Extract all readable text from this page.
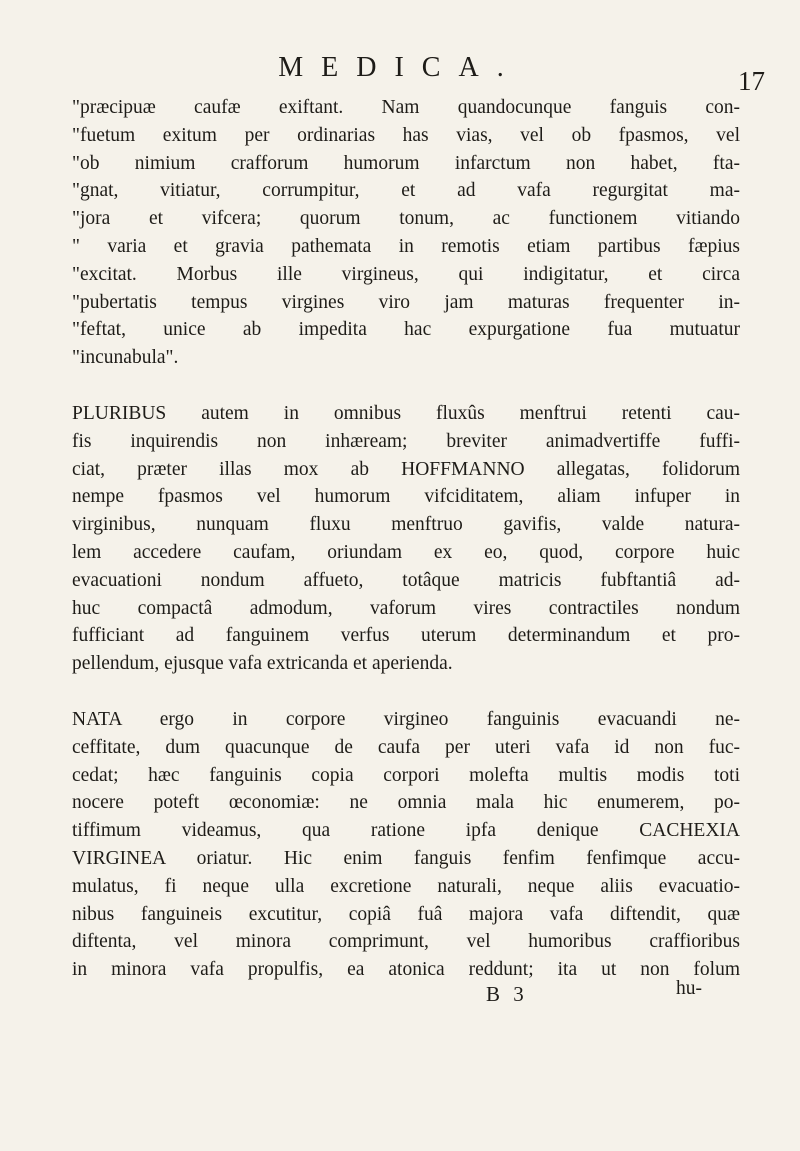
MEDICA.	17
"præcipuæ caufæ exiftant. Nam quandocunque fanguis con-
"fuetum exitum per ordinarias has vias, vel ob fpasmos, vel
"ob nimium crafforum humorum infarctum non habet, fta-
"gnat, vitiatur, corrumpitur, et ad vafa regurgitat ma-
"jora et vifcera; quorum tonum, ac functionem vitiando
" varia et gravia pathemata in remotis etiam partibus fæpius
"excitat. Morbus ille virgineus, qui indigitatur, et circa
"pubertatis tempus virgines viro jam maturas frequenter in-
"feftat, unice ab impedita hac expurgatione fua mutuatur
"incunabula".
PLURIBUS autem in omnibus fluxûs menftrui retenti cau-
fis inquirendis non inhæream; breviter animadvertiffe fuffi-
ciat, præter illas mox ab HOFFMANNO allegatas, folidorum
nempe fpasmos vel humorum vifciditatem, aliam infuper in
virginibus, nunquam fluxu menftruo gavifis, valde natura-
lem accedere caufam, oriundam ex eo, quod, corpore huic
evacuationi nondum affueto, totâque matricis fubftantiâ ad-
huc compactâ admodum, vaforum vires contractiles nondum
fufficiant ad fanguinem verfus uterum determinandum et pro-
pellendum, ejusque vafa extricanda et aperienda.
NATA ergo in corpore virgineo fanguinis evacuandi ne-
ceffitate, dum quacunque de caufa per uteri vafa id non fuc-
cedat; hæc fanguinis copia corpori molefta multis modis toti
nocere poteft œconomiæ: ne omnia mala hic enumerem, po-
tiffimum videamus, qua ratione ipfa denique CACHEXIA
VIRGINEA oriatur. Hic enim fanguis fenfim fenfimque accu-
mulatus, fi neque ulla excretione naturali, neque aliis evacuatio-
nibus fanguineis excutitur, copiâ fuâ majora vafa diftendit, quæ
diftenta, vel minora comprimunt, vel humoribus craffioribus
in minora vafa propulfis, ea atonica reddunt; ita ut non folum
B 3	hu-
